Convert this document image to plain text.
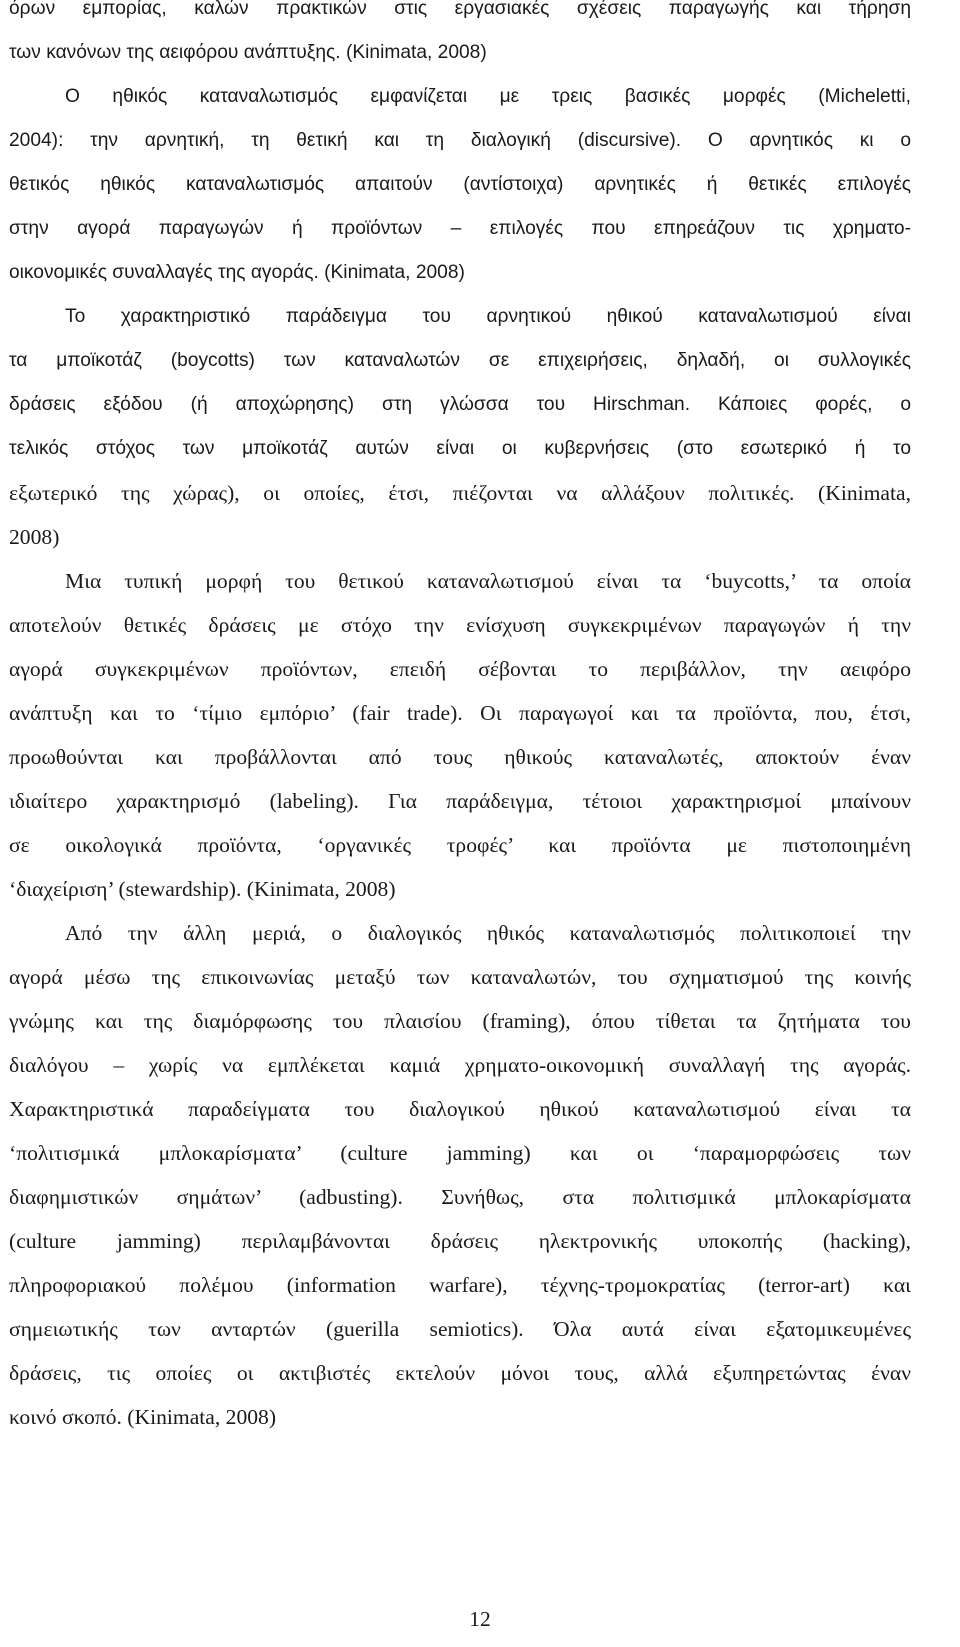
όρων εμπορίας, καλών πρακτικών στις εργασιακές σχέσεις παραγωγής και τήρηση
των κανόνων της αειφόρου ανάπτυξης. (Kinimata, 2008)
Ο ηθικός καταναλωτισμός εμφανίζεται με τρεις βασικές μορφές (Micheletti,
2004): την αρνητική, τη θετική και τη διαλογική (discursive). Ο αρνητικός κι ο
θετικός ηθικός καταναλωτισμός απαιτούν (αντίστοιχα) αρνητικές ή θετικές επιλογές
στην αγορά παραγωγών ή προϊόντων – επιλογές που επηρεάζουν τις χρηματο-
οικονομικές συναλλαγές της αγοράς. (Kinimata, 2008)
Το χαρακτηριστικό παράδειγμα του αρνητικού ηθικού καταναλωτισμού είναι
τα μποϊκοτάζ (boycotts) των καταναλωτών σε επιχειρήσεις, δηλαδή, οι συλλογικές
δράσεις εξόδου (ή αποχώρησης) στη γλώσσα του Hirschman. Κάποιες φορές, ο
τελικός στόχος των μποϊκοτάζ αυτών είναι οι κυβερνήσεις (στο εσωτερικό ή το
εξωτερικό της χώρας), οι οποίες, έτσι, πιέζονται να αλλάξουν πολιτικές. (Kinimata,
2008)
Μια τυπική μορφή του θετικού καταναλωτισμού είναι τα ‘buycotts,’ τα οποία
αποτελούν θετικές δράσεις με στόχο την ενίσχυση συγκεκριμένων παραγωγών ή την
αγορά συγκεκριμένων προϊόντων, επειδή σέβονται το περιβάλλον, την αειφόρο
ανάπτυξη και το ‘τίμιο εμπόριο’ (fair trade). Οι παραγωγοί και τα προϊόντα, που, έτσι,
προωθούνται και προβάλλονται από τους ηθικούς καταναλωτές, αποκτούν έναν
ιδιαίτερο χαρακτηρισμό (labeling). Για παράδειγμα, τέτοιοι χαρακτηρισμοί μπαίνουν
σε οικολογικά προϊόντα, ‘οργανικές τροφές’ και προϊόντα με πιστοποιημένη
‘διαχείριση’ (stewardship). (Kinimata, 2008)
Από την άλλη μεριά, ο διαλογικός ηθικός καταναλωτισμός πολιτικοποιεί την
αγορά μέσω της επικοινωνίας μεταξύ των καταναλωτών, του σχηματισμού της κοινής
γνώμης και της διαμόρφωσης του πλαισίου (framing), όπου τίθεται τα ζητήματα του
διαλόγου – χωρίς να εμπλέκεται καμιά χρηματο-οικονομική συναλλαγή της αγοράς.
Χαρακτηριστικά παραδείγματα του διαλογικού ηθικού καταναλωτισμού είναι τα
‘πολιτισμικά μπλοκαρίσματα’ (culture jamming) και οι ‘παραμορφώσεις των
διαφημιστικών σημάτων’ (adbusting). Συνήθως, στα πολιτισμικά μπλοκαρίσματα
(culture jamming) περιλαμβάνονται δράσεις ηλεκτρονικής υποκοπής (hacking),
πληροφοριακού πολέμου (information warfare), τέχνης-τρομοκρατίας (terror-art) και
σημειωτικής των ανταρτών (guerilla semiotics). Όλα αυτά είναι εξατομικευμένες
δράσεις, τις οποίες οι ακτιβιστές εκτελούν μόνοι τους, αλλά εξυπηρετώντας έναν
κοινό σκοπό. (Kinimata, 2008)
12
